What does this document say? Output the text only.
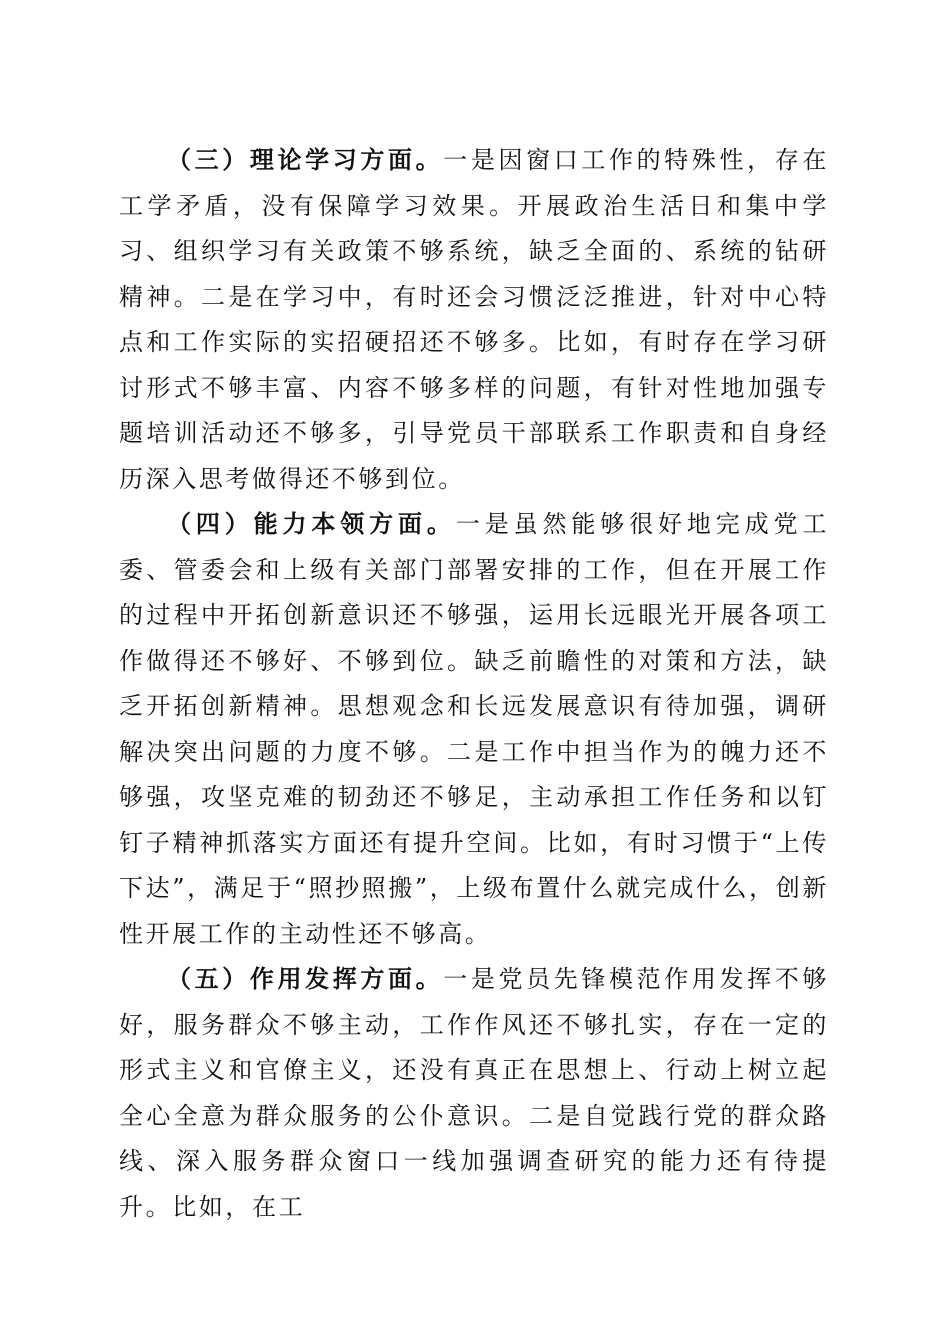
（三）理论学习方面。一是因窗口工作的特殊性，存在工学矛盾，没有保障学习效果。开展政治生活日和集中学习、组织学习有关政策不够系统，缺乏全面的、系统的钻研精神。二是在学习中，有时还会习惯泛泛推进，针对中心特点和工作实际的实招硬招还不够多。比如，有时存在学习研讨形式不够丰富、内容不够多样的问题，有针对性地加强专题培训活动还不够多，引导党员干部联系工作职责和自身经历深入思考做得还不够到位。

（四）能力本领方面。一是虽然能够很好地完成党工委、管委会和上级有关部门部署安排的工作，但在开展工作的过程中开拓创新意识还不够强，运用长远眼光开展各项工作做得还不够好、不够到位。缺乏前瞻性的对策和方法，缺乏开拓创新精神。思想观念和长远发展意识有待加强，调研解决突出问题的力度不够。二是工作中担当作为的魄力还不够强，攻坚克难的韧劲还不够足，主动承担工作任务和以钉钉子精神抓落实方面还有提升空间。比如，有时习惯于“上传下达”，满足于“照抄照搬”，上级布置什么就完成什么，创新性开展工作的主动性还不够高。

（五）作用发挥方面。一是党员先锋模范作用发挥不够好，服务群众不够主动，工作作风还不够扎实，存在一定的形式主义和官僚主义，还没有真正在思想上、行动上树立起全心全意为群众服务的公仆意识。二是自觉践行党的群众路线、深入服务群众窗口一线加强调查研究的能力还有待提升。比如，在工
